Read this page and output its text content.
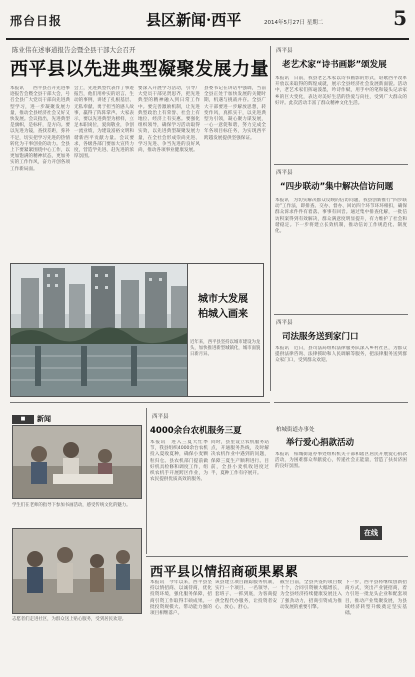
邢台日报	县区新闻·西平	2014年5月27日 星期二	5
陈业伟在述事道报告会暨全县干部大会召开
西平县以先进典型凝聚发展力量
本报讯　　西平县召开先进事迹报告会暨全县干部大会，号召全县广大党员干部向先进典型学习，进一步凝聚发展力量，推动全县经济社会又好又快发展。会议指出，先进典型是旗帜，是标杆，是方向。要以先进为镜，查找差距，弥补不足，切实把学习先进的热情转化为干事创业的动力。全县上下要紧紧围绕中心工作，以更加饱满的精神状态，更加务实的工作作风，奋力开创各项工作新局面。
会上，先进典型代表作了事迹报告，他们用朴实的语言、生动的事例，讲述了扎根基层、无私奉献、勇于担当的感人故事，赢得了阵阵掌声。大家表示，要以先进典型为榜样，立足本职岗位，爱岗敬业，争创一流业绩，为建设富裕文明和谐新西平贡献力量。会议要求，各级各部门要加大宣传力度，营造学先进、赶先进的浓厚氛围。
要深入开展学习活动，引导广大党员干部见贤思齐，把先进典型的精神融入到日常工作中。要完善激励机制，让先进典型政治上有荣誉、社会上有地位、经济上有实惠。要强化组织领导，确保学习活动取得实效，以先进典型凝聚发展力量，在全社会形成崇尚先进、学习先进、争当先进的良好风尚，推动各项事业健康发展。
县委书记在讲话中强调，当前全县正处于加快发展的关键时期，机遇与挑战并存。全县广大干部要进一步解放思想，转变作风，真抓实干，以先进典型为引领，凝心聚力谋发展，一心一意促和谐，努力完成全年各项目标任务，为实现西平跨越发展提供坚强保证。
西平县
老艺术家“诗书画影”颂发展
本报讯　日前，我县老艺术家以诗书画影的形式，讴歌西平改革开放以来取得的辉煌成就，展示全县经济社会发展新面貌。活动中，老艺术家们挥毫泼墨，吟诗作赋，用手中的笔和镜头记录家乡的巨大变化，表达对美好生活的热爱与向往，受到广大群众的好评。此次活动丰富了群众精神文化生活。
西平县
“四步联动”集中解决信访问题
本报讯　为切实解决群众反映的信访问题，我县创新推行“四步联动”工作法，即排查、交办、督办、回访四个环节环环相扣，确保群众诉求件件有着落、事事有回音。通过集中排查化解，一批信访积案得到有效解决，群众满意度明显提升，有力维护了社会和谐稳定。下一步将建立长效机制，推动信访工作规范化、制度化。
西平县
司法服务送到家门口
本报讯　近日，县司法局组织法律服务队深入乡村社区，为群众提供法律咨询、法律援助和人民调解等服务，把法律服务送到群众家门口，受到群众欢迎。
柏城街道办事处
举行爱心捐款活动
本报讯　柏城街道办事处组织机关干部和辖区居民开展爱心捐款活动，为困难群众奉献爱心，传递社会正能量，营造了扶贫济困的良好氛围。
在线
城市大发展
柏城入画来
近年来，西平县坚持以城市建设为龙头，加快推进新型城镇化，城市面貌日新月异。
■	新闻
学生们在老师的指导下参加书画活动，感受传统文化的魅力。
志愿者们走进社区，为群众送上贴心服务，受到居民欢迎。
西平县
4000余台农机服务三夏
本报讯　进入三夏大忙季节，我县组织4000余台农机投入夏收夏种，确保小麦颗粒归仓。县农机部门提前做好机具检修和调度工作，组织农机手开展跨区作业，为农民提供优质高效的服务。
同时，县里设立农机服务站点，开通服务热线，及时解决农机作业中遇到的问题，保障三夏生产顺利进行。目前，全县小麦机收进度过半，夏种工作有序展开。
西平县以情招商硕果累累
本报讯　今年以来，西平县坚持以情招商、以诚待商，优化投资环境，强化服务保障，招商引资工作取得丰硕成果。一批投资规模大、带动能力强的项目相继落户。
该县建立项目跟踪服务机制，实行一个项目、一名领导、一套班子、一抓到底，为客商提供全程代办服务，让投资者安心、放心、舒心。
截至目前，全县共签约项目数十个，合同引资额大幅增长，为全县经济持续健康发展注入了强劲动力，招商引资成为推动发展的重要引擎。
下一步，西平县将继续创新招商方式，突出产业链招商，着力引进一批龙头企业和配套项目，推动产业集聚发展，为县域经济转型升级奠定坚实基础。
